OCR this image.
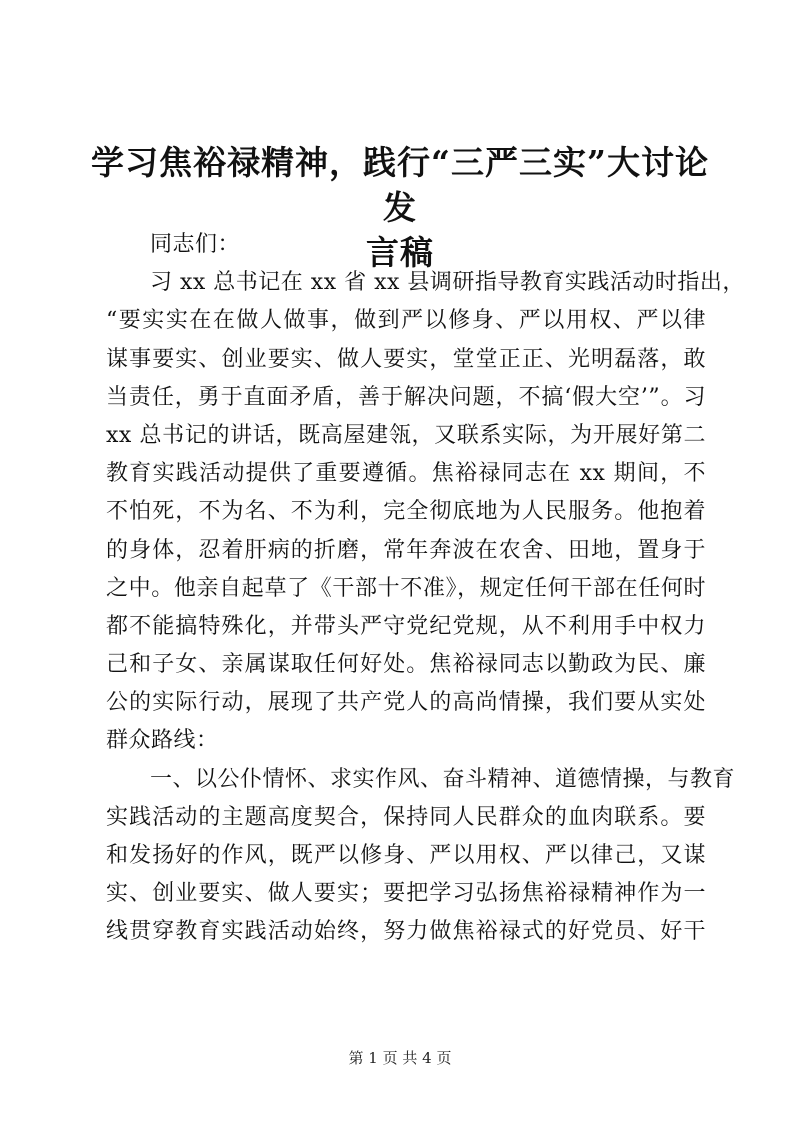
学习焦裕禄精神，践行“三严三实”大讨论发
言稿
同志们：
习 xx 总书记在 xx 省 xx 县调研指导教育实践活动时指出，
“要实实在在做人做事，做到严以修身、严以用权、严以律
谋事要实、创业要实、做人要实，堂堂正正、光明磊落，敢
当责任，勇于直面矛盾，善于解决问题，不搞‘假大空’”。习
xx 总书记的讲话，既高屋建瓴，又联系实际，为开展好第二
教育实践活动提供了重要遵循。焦裕禄同志在 xx 期间，不
不怕死，不为名、不为利，完全彻底地为人民服务。他抱着
的身体，忍着肝病的折磨，常年奔波在农舍、田地，置身于
之中。他亲自起草了《干部十不准》，规定任何干部在任何时
都不能搞特殊化，并带头严守党纪党规，从不利用手中权力
己和子女、亲属谋取任何好处。焦裕禄同志以勤政为民、廉
公的实际行动，展现了共产党人的高尚情操，我们要从实处
群众路线：
一、以公仆情怀、求实作风、奋斗精神、道德情操，与教育
实践活动的主题高度契合，保持同人民群众的血肉联系。要
和发扬好的作风，既严以修身、严以用权、严以律己，又谋
实、创业要实、做人要实；要把学习弘扬焦裕禄精神作为一
线贯穿教育实践活动始终，努力做焦裕禄式的好党员、好干
第 1 页 共 4 页
